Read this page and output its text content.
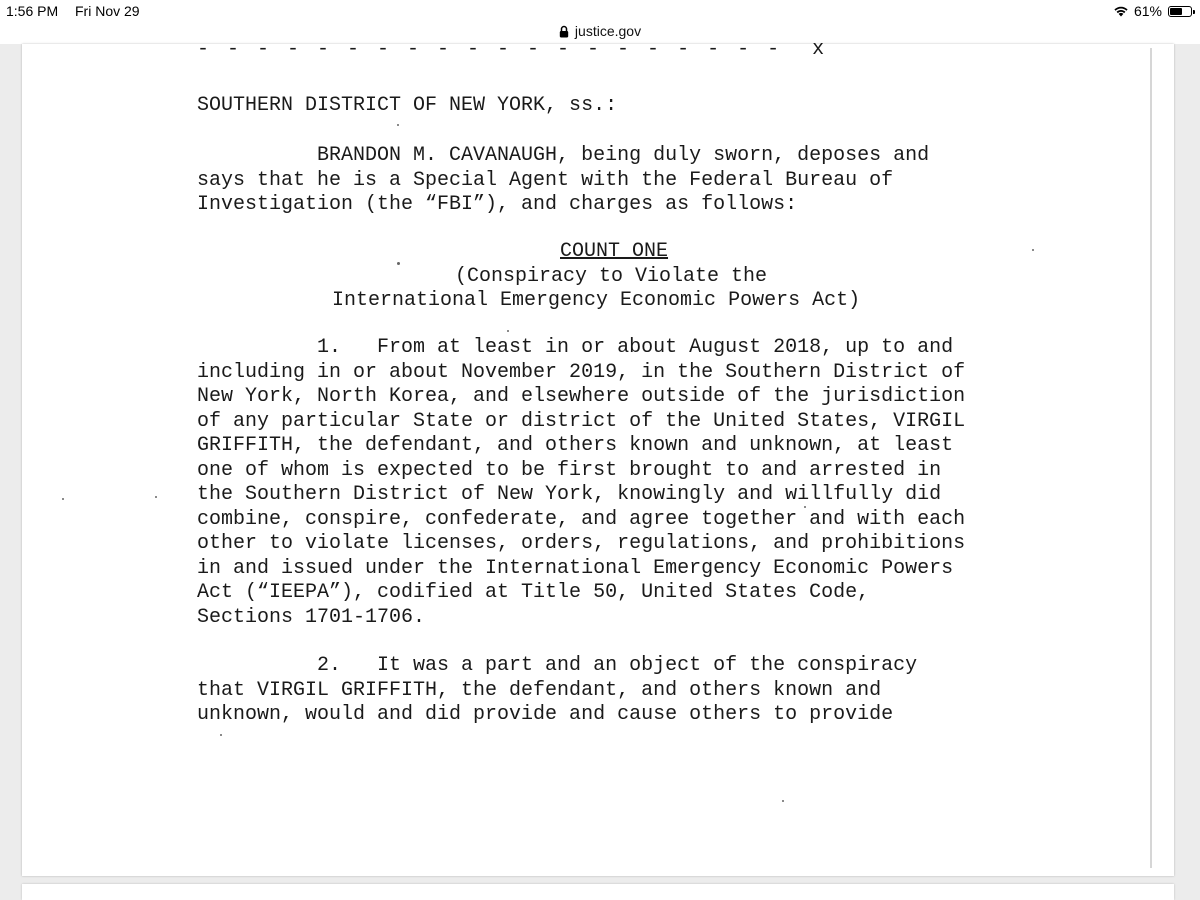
1:56 PM Fri Nov 29	61%
justice.gov
- - - - - - - - - - - - - - - - - - - -  x
SOUTHERN DISTRICT OF NEW YORK, ss.:
BRANDON M. CAVANAUGH, being duly sworn, deposes and
says that he is a Special Agent with the Federal Bureau of
Investigation (the “FBI”), and charges as follows:
COUNT ONE
(Conspiracy to Violate the
International Emergency Economic Powers Act)
1.   From at least in or about August 2018, up to and
including in or about November 2019, in the Southern District of
New York, North Korea, and elsewhere outside of the jurisdiction
of any particular State or district of the United States, VIRGIL
GRIFFITH, the defendant, and others known and unknown, at least
one of whom is expected to be first brought to and arrested in
the Southern District of New York, knowingly and willfully did
combine, conspire, confederate, and agree together and with each
other to violate licenses, orders, regulations, and prohibitions
in and issued under the International Emergency Economic Powers
Act (“IEEPA”), codified at Title 50, United States Code,
Sections 1701-1706.
2.   It was a part and an object of the conspiracy
that VIRGIL GRIFFITH, the defendant, and others known and
unknown, would and did provide and cause others to provide
